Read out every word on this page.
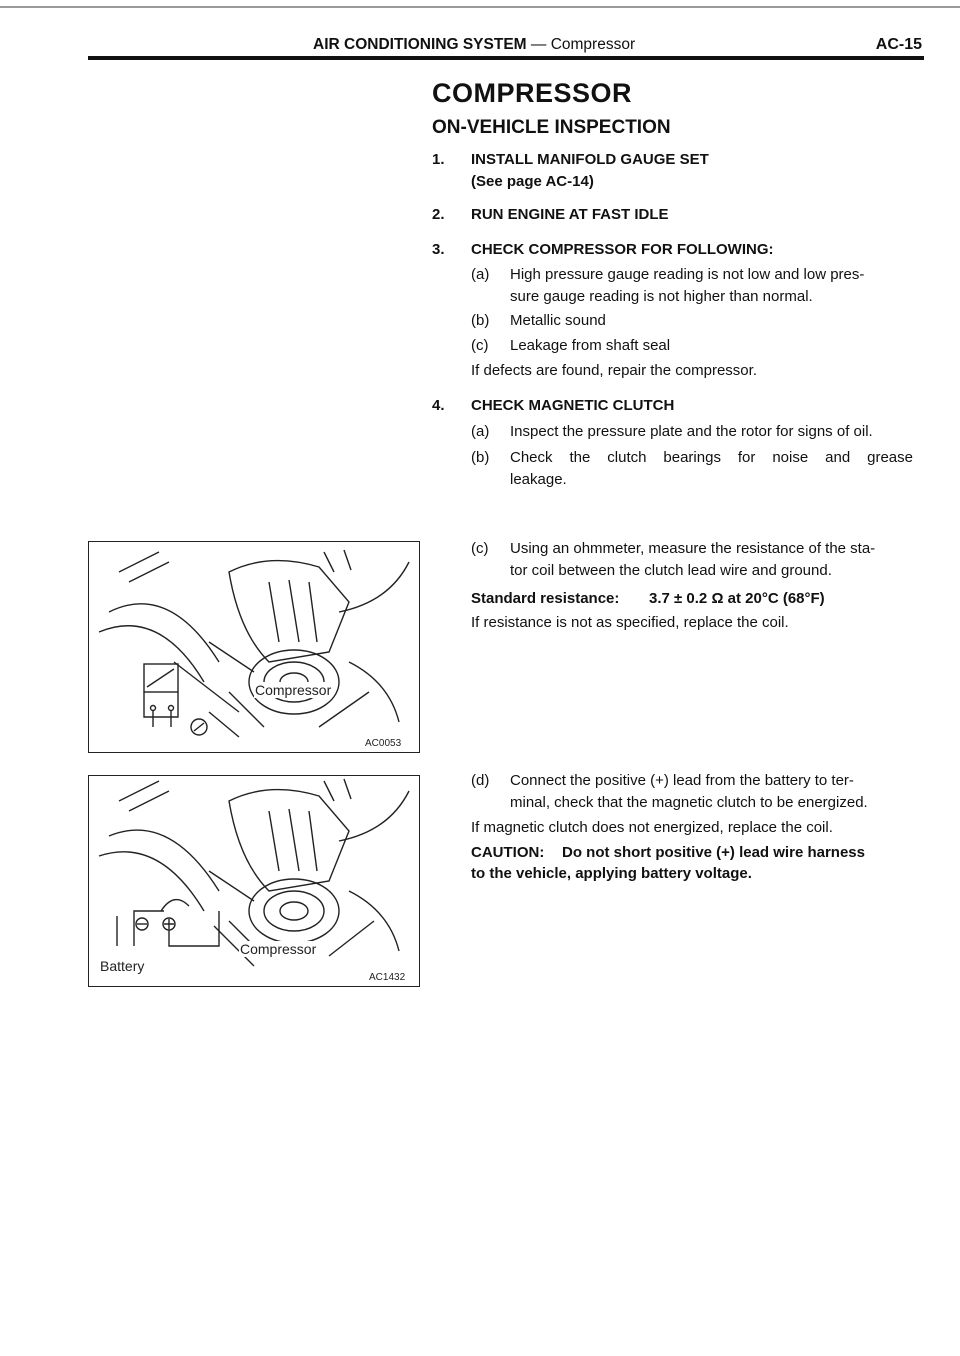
AIR CONDITIONING SYSTEM — Compressor	AC-15
COMPRESSOR
ON-VEHICLE INSPECTION
1. INSTALL MANIFOLD GAUGE SET
(See page AC-14)
2. RUN ENGINE AT FAST IDLE
3. CHECK COMPRESSOR FOR FOLLOWING:
(a) High pressure gauge reading is not low and low pres-
sure gauge reading is not higher than normal.
(b) Metallic sound
(c) Leakage from shaft seal
If defects are found, repair the compressor.
4. CHECK MAGNETIC CLUTCH
(a) Inspect the pressure plate and the rotor for signs of oil.
(b) Check the clutch bearings for noise and grease
leakage.
(c) Using an ohmmeter, measure the resistance of the sta-
tor coil between the clutch lead wire and ground.
Standard resistance: 3.7 ± 0.2 Ω at 20°C (68°F)
If resistance is not as specified, replace the coil.
(d) Connect the positive (+) lead from the battery to ter-
minal, check that the magnetic clutch to be energized.
If magnetic clutch does not energized, replace the coil.
CAUTION: Do not short positive (+) lead wire harness
to the vehicle, applying battery voltage.
Compressor
AC0053
Compressor
Battery
AC1432
